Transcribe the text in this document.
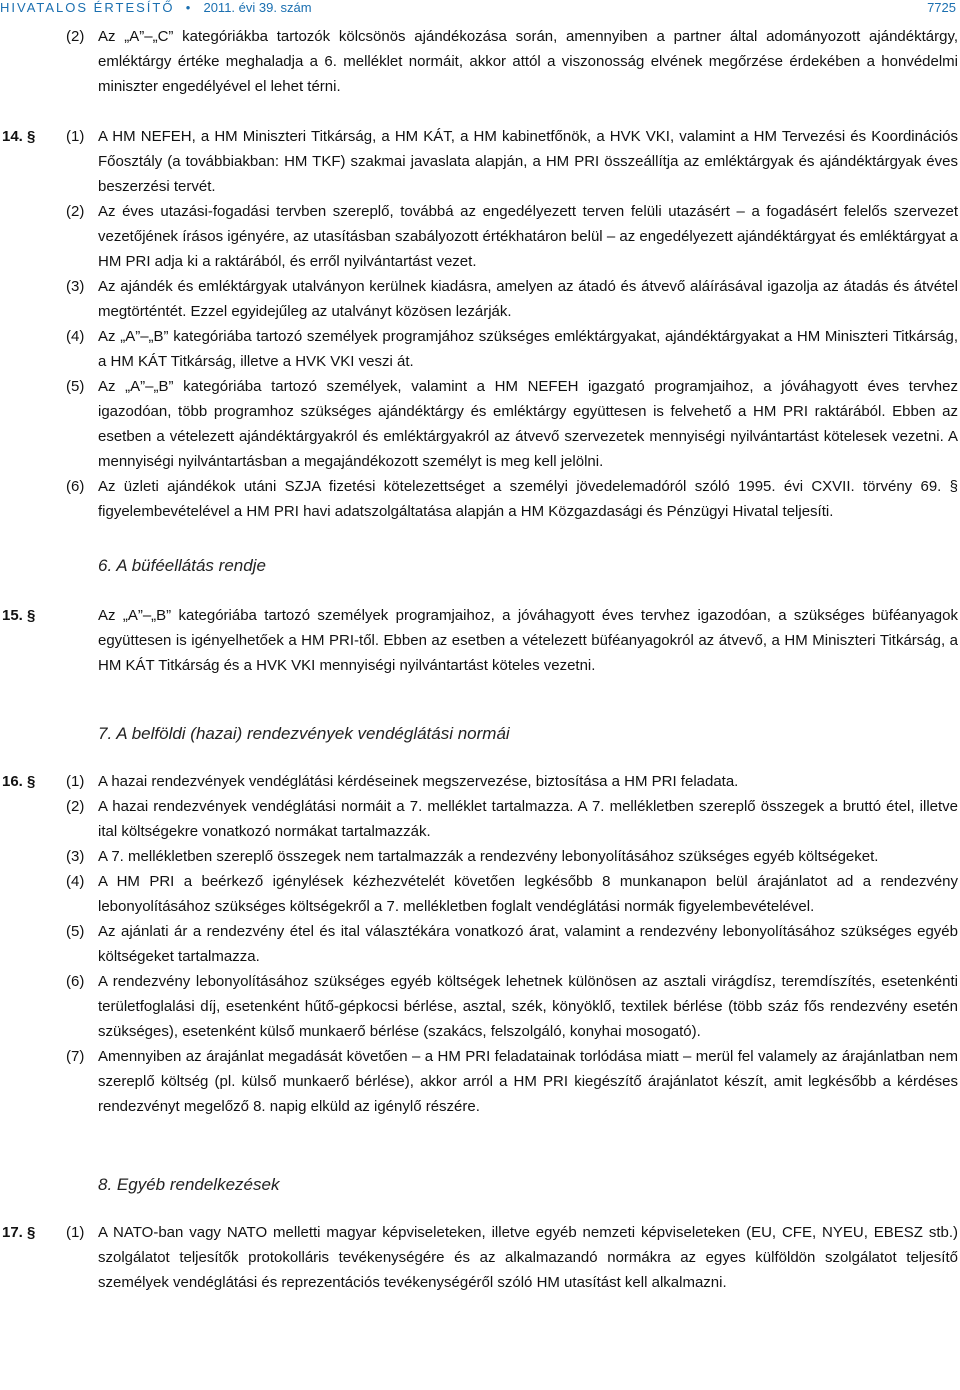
HIVATALOS ÉRTESÍTŐ  •  2011. évi 39. szám	7725
(2) Az „A”–„C” kategóriákba tartozók kölcsönös ajándékozása során, amennyiben a partner által adományozott ajándéktárgy, emléktárgy értéke meghaladja a 6. melléklet normáit, akkor attól a viszonosság elvének megőrzése érdekében a honvédelmi miniszter engedélyével el lehet térni.
14. § (1) A HM NEFEH, a HM Miniszteri Titkárság, a HM KÁT, a HM kabinetfőnök, a HVK VKI, valamint a HM Tervezési és Koordinációs Főosztály (a továbbiakban: HM TKF) szakmai javaslata alapján, a HM PRI összeállítja az emléktárgyak és ajándéktárgyak éves beszerzési tervét.
(2) Az éves utazási-fogadási tervben szereplő, továbbá az engedélyezett terven felüli utazásért – a fogadásért felelős szervezet vezetőjének írásos igényére, az utasításban szabályozott értékhatáron belül – az engedélyezett ajándéktárgyat és emléktárgyat a HM PRI adja ki a raktárából, és erről nyilvántartást vezet.
(3) Az ajándék és emléktárgyak utalványon kerülnek kiadásra, amelyen az átadó és átvevő aláírásával igazolja az átadás és átvétel megtörténtét. Ezzel egyidejűleg az utalványt közösen lezárják.
(4) Az „A”–„B” kategóriába tartozó személyek programjához szükséges emléktárgyakat, ajándéktárgyakat a HM Miniszteri Titkárság, a HM KÁT Titkárság, illetve a HVK VKI veszi át.
(5) Az „A”–„B” kategóriába tartozó személyek, valamint a HM NEFEH igazgató programjaihoz, a jóváhagyott éves tervhez igazodóan, több programhoz szükséges ajándéktárgy és emléktárgy együttesen is felvehető a HM PRI raktárából. Ebben az esetben a vételezett ajándéktárgyakról és emléktárgyakról az átvevő szervezetek mennyiségi nyilvántartást kötelesek vezetni. A mennyiségi nyilvántartásban a megajándékozott személyt is meg kell jelölni.
(6) Az üzleti ajándékok utáni SZJA fizetési kötelezettséget a személyi jövedelemadóról szóló 1995. évi CXVII. törvény 69. § figyelembevételével a HM PRI havi adatszolgáltatása alapján a HM Közgazdasági és Pénzügyi Hivatal teljesíti.
6. A büféellátás rendje
15. §	Az „A”–„B” kategóriába tartozó személyek programjaihoz, a jóváhagyott éves tervhez igazodóan, a szükséges büféanyagok együttesen is igényelhetőek a HM PRI-től. Ebben az esetben a vételezett büféanyagokról az átvevő, a HM Miniszteri Titkárság, a HM KÁT Titkárság és a HVK VKI mennyiségi nyilvántartást köteles vezetni.
7. A belföldi (hazai) rendezvények vendéglátási normái
16. § (1) A hazai rendezvények vendéglátási kérdéseinek megszervezése, biztosítása a HM PRI feladata.
(2) A hazai rendezvények vendéglátási normáit a 7. melléklet tartalmazza. A 7. mellékletben szereplő összegek a bruttó étel, illetve ital költségekre vonatkozó normákat tartalmazzák.
(3) A 7. mellékletben szereplő összegek nem tartalmazzák a rendezvény lebonyolításához szükséges egyéb költségeket.
(4) A HM PRI a beérkező igénylések kézhezvételét követően legkésőbb 8 munkanapon belül árajánlatot ad a rendezvény lebonyolításához szükséges költségekről a 7. mellékletben foglalt vendéglátási normák figyelembevételével.
(5) Az ajánlati ár a rendezvény étel és ital választékára vonatkozó árat, valamint a rendezvény lebonyolításához szükséges egyéb költségeket tartalmazza.
(6) A rendezvény lebonyolításához szükséges egyéb költségek lehetnek különösen az asztali virágdísz, teremdíszítés, esetenkénti területfoglalási díj, esetenként hűtő-gépkocsi bérlése, asztal, szék, könyöklő, textilek bérlése (több száz fős rendezvény esetén szükséges), esetenként külső munkaerő bérlése (szakács, felszolgáló, konyhai mosogató).
(7) Amennyiben az árajánlat megadását követően – a HM PRI feladatainak torlódása miatt – merül fel valamely az árajánlatban nem szereplő költség (pl. külső munkaerő bérlése), akkor arról a HM PRI kiegészítő árajánlatot készít, amit legkésőbb a kérdéses rendezvényt megelőző 8. napig elküld az igénylő részére.
8. Egyéb rendelkezések
17. § (1) A NATO-ban vagy NATO melletti magyar képviseleteken, illetve egyéb nemzeti képviseleteken (EU, CFE, NYEU, EBESZ stb.) szolgálatot teljesítők protokolláris tevékenységére és az alkalmazandó normákra az egyes külföldön szolgálatot teljesítő személyek vendéglátási és reprezentációs tevékenységéről szóló HM utasítást kell alkalmazni.
